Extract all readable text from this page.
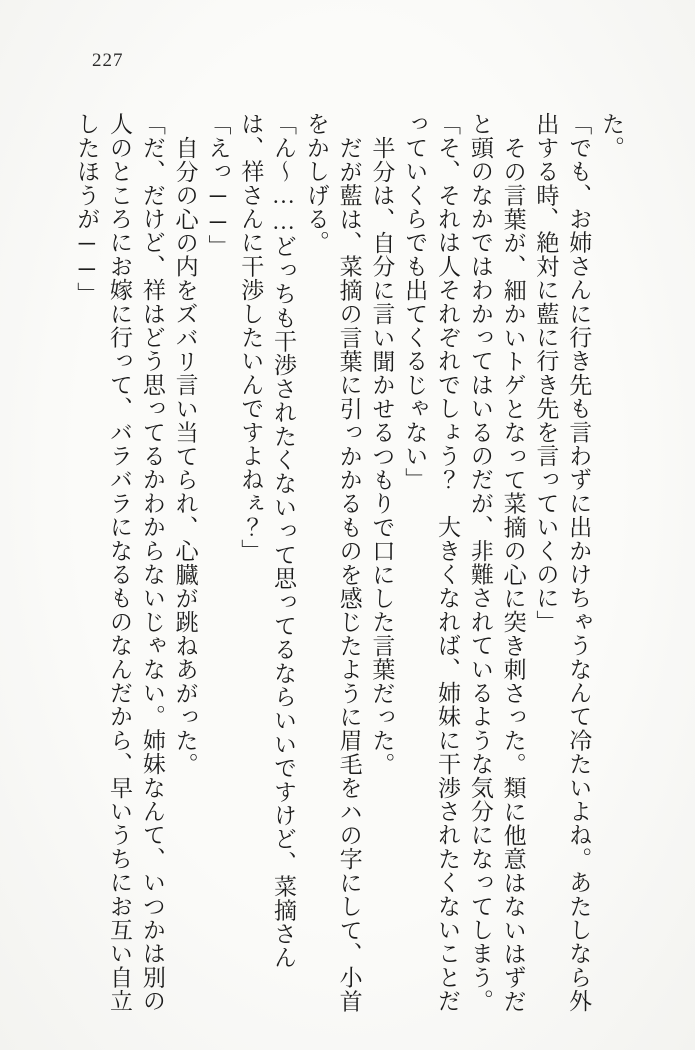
227

た。

「でも、お姉さんに行き先も言わずに出かけちゃうなんて冷たいよね。あたしなら外出する時、絶対に藍に行き先を言っていくのに」

その言葉が、細かいトゲとなって菜摘の心に突き刺さった。類に他意はないはずだと頭のなかではわかってはいるのだが、非難されているような気分になってしまう。

「そ、それは人それぞれでしょう？　大きくなれば、姉妹に干渉されたくないことだっていくらでも出てくるじゃない」

半分は、自分に言い聞かせるつもりで口にした言葉だった。

だが藍は、菜摘の言葉に引っかかるものを感じたように眉毛をハの字にして、小首をかしげる。

「ん〜……どっちも干渉されたくないって思ってるならいいですけど、菜摘さんは、祥さんに干渉したいんですよねぇ？」

「えっ──」

自分の心の内をズバリ言い当てられ、心臓が跳ねあがった。

「だ、だけど、祥はどう思ってるかわからないじゃない。姉妹なんて、いつかは別の人のところにお嫁に行って、バラバラになるものなんだから、早いうちにお互い自立したほうが──」
